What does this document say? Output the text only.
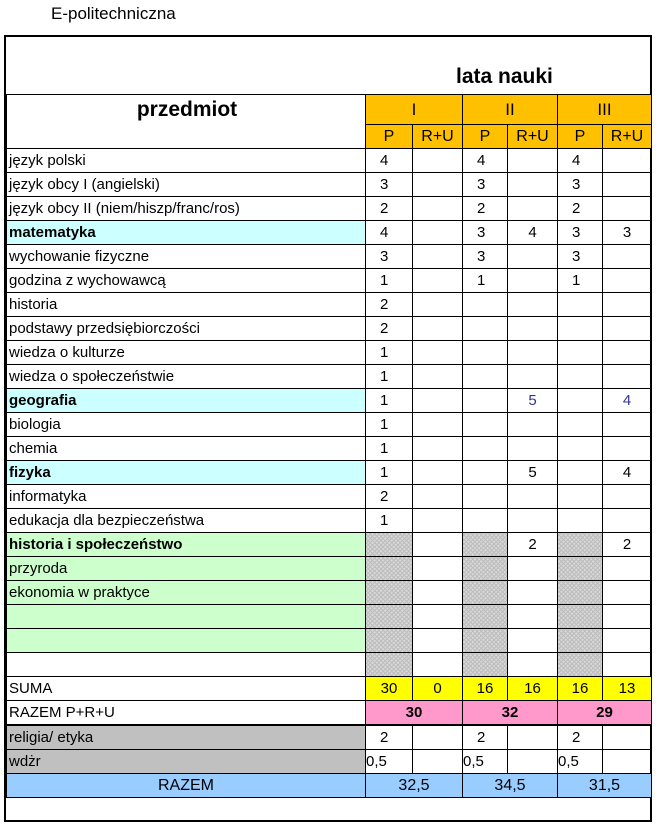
E-politechniczna
lata nauki
przedmiot	I		II		III	
	P	R+U	P	R+U	P	R+U
język polski	4		4		4	
język obcy I (angielski)	3		3		3	
język obcy II (niem/hiszp/franc/ros)	2		2		2	
matematyka	4		3	4	3	3
wychowanie fizyczne	3		3		3	
godzina z wychowawcą	1		1		1	
historia	2					
podstawy przedsiębiorczości	2					
wiedza o kulturze	1					
wiedza o społeczeństwie	1					
geografia	1			5		4
biologia	1					
chemia	1					
fizyka	1			5		4
informatyka	2					
edukacja dla bezpieczeństwa	1					
historia i społeczeństwo				2		2
przyroda						
ekonomia w praktyce						

SUMA	30	0	16	16	16	13
RAZEM P+R+U	30		32		29	
religia/ etyka	2		2		2	
wdżr	0,5		0,5		0,5	
RAZEM	32,5		34,5		31,5	
